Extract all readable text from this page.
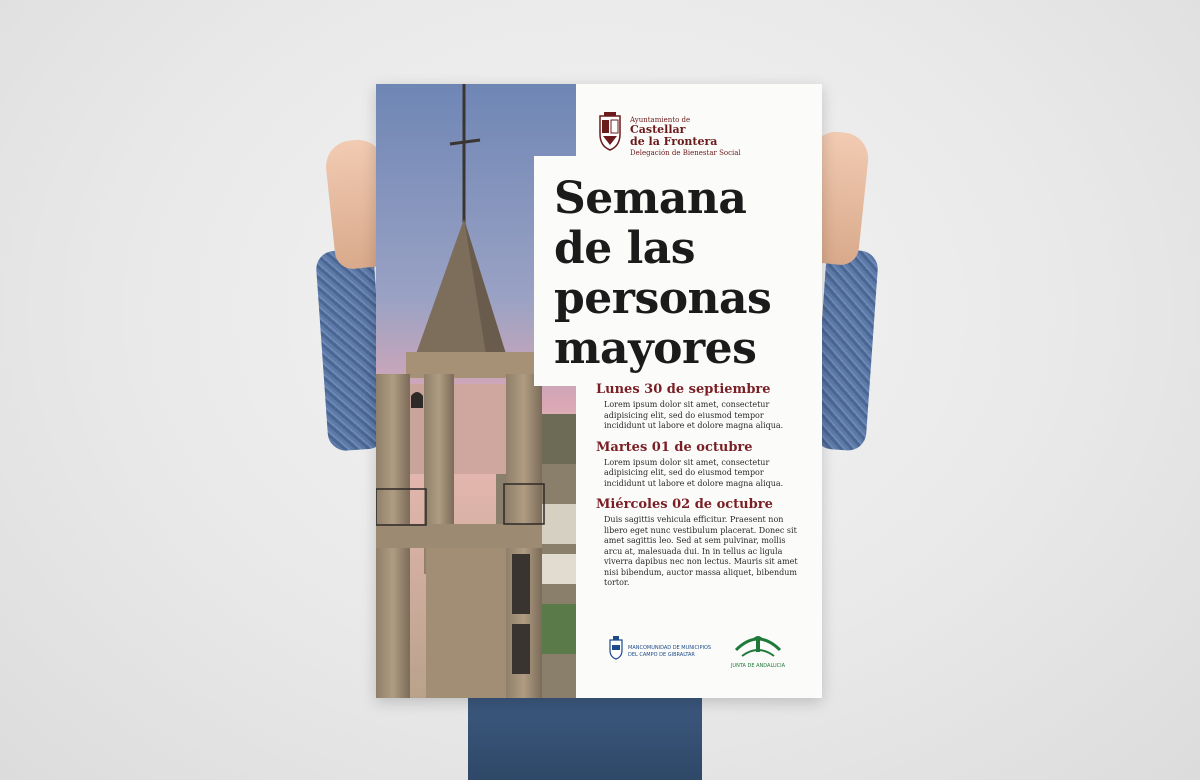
Ayuntamiento de
Castellar
de la Frontera
Delegación de Bienestar Social
Semana
de las
personas
mayores
Lunes 30 de septiembre

Lorem ipsum dolor sit amet, consectetur adipisicing elit, sed do eiusmod tempor incididunt ut labore et dolore magna aliqua.

Martes 01 de octubre

Lorem ipsum dolor sit amet, consectetur adipisicing elit, sed do eiusmod tempor incididunt ut labore et dolore magna aliqua.

Miércoles 02 de octubre

Duis sagittis vehicula efficitur. Praesent non libero eget nunc vestibulum placerat. Donec sit amet sagittis leo. Sed at sem pulvinar, mollis arcu at, malesuada dui. In in tellus ac ligula viverra dapibus nec non lectus. Mauris sit amet nisi bibendum, auctor massa aliquet, bibendum tortor.

MANCOMUNIDAD DE MUNICIPIOS
DEL CAMPO DE GIBRALTAR
JUNTA DE ANDALUCIA
